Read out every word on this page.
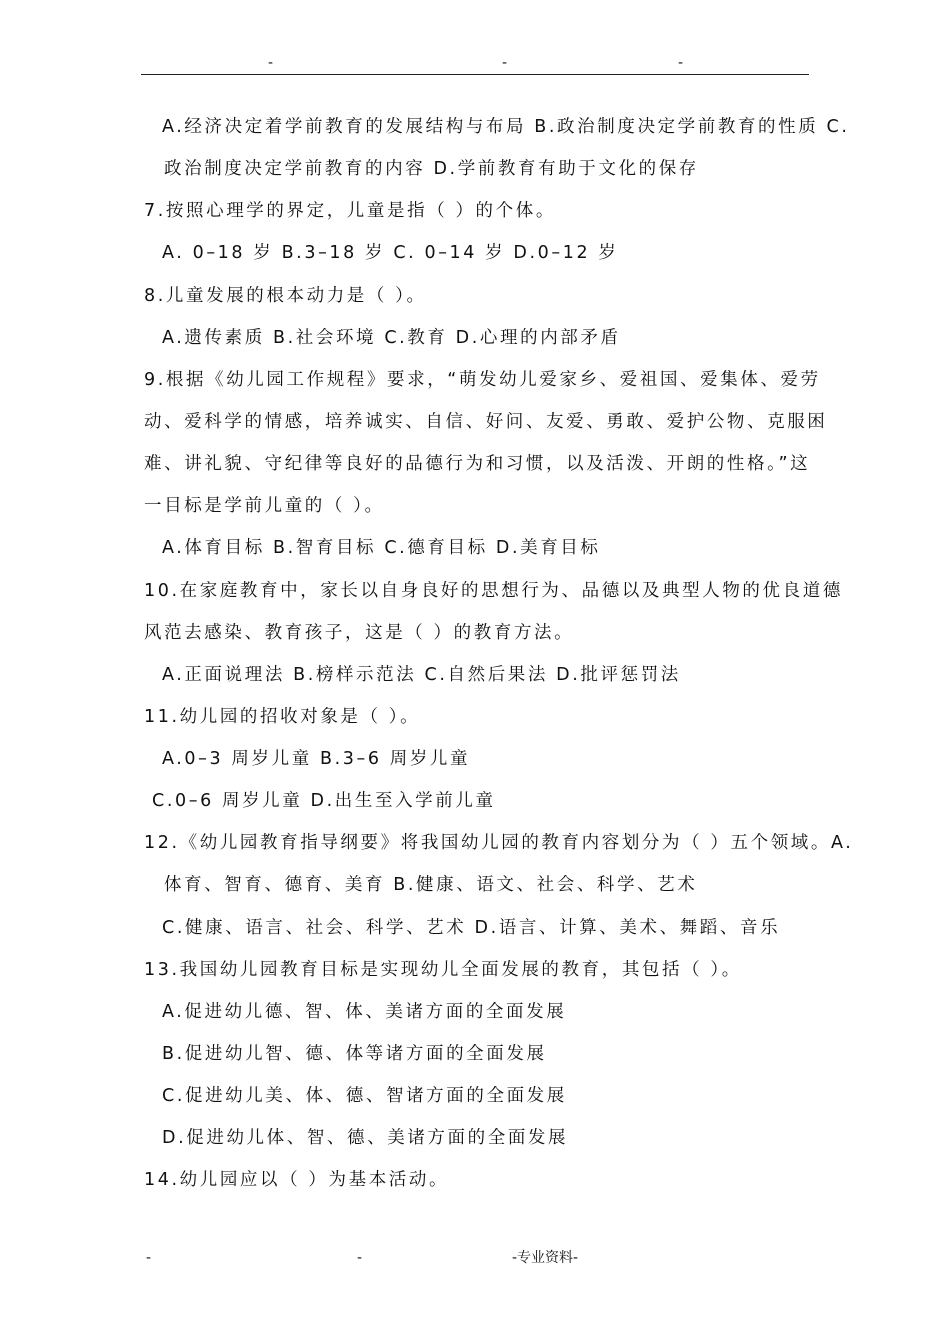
-	-	-
A.经济决定着学前教育的发展结构与布局 B.政治制度决定学前教育的性质 C.
政治制度决定学前教育的内容 D.学前教育有助于文化的保存
7.按照心理学的界定，儿童是指（ ）的个体。
A. 0–18 岁 B.3–18 岁 C. 0–14 岁 D.0–12 岁
8.儿童发展的根本动力是（ ）。
A.遗传素质 B.社会环境 C.教育 D.心理的内部矛盾
9.根据《幼儿园工作规程》要求，“萌发幼儿爱家乡、爱祖国、爱集体、爱劳
动、爱科学的情感，培养诚实、自信、好问、友爱、勇敢、爱护公物、克服困
难、讲礼貌、守纪律等良好的品德行为和习惯，以及活泼、开朗的性格。”这
一目标是学前儿童的（ ）。
A.体育目标 B.智育目标 C.德育目标 D.美育目标
10.在家庭教育中，家长以自身良好的思想行为、品德以及典型人物的优良道德
风范去感染、教育孩子，这是（ ）的教育方法。
A.正面说理法 B.榜样示范法 C.自然后果法 D.批评惩罚法
11.幼儿园的招收对象是（ ）。
A.0–3 周岁儿童 B.3–6 周岁儿童
C.0–6 周岁儿童 D.出生至入学前儿童
12.《幼儿园教育指导纲要》将我国幼儿园的教育内容划分为（ ）五个领域。A.
体育、智育、德育、美育 B.健康、语文、社会、科学、艺术
C.健康、语言、社会、科学、艺术 D.语言、计算、美术、舞蹈、音乐
13.我国幼儿园教育目标是实现幼儿全面发展的教育，其包括（ ）。
A.促进幼儿德、智、体、美诸方面的全面发展
B.促进幼儿智、德、体等诸方面的全面发展
C.促进幼儿美、体、德、智诸方面的全面发展
D.促进幼儿体、智、德、美诸方面的全面发展
14.幼儿园应以（ ）为基本活动。
-	-	-专业资料-
